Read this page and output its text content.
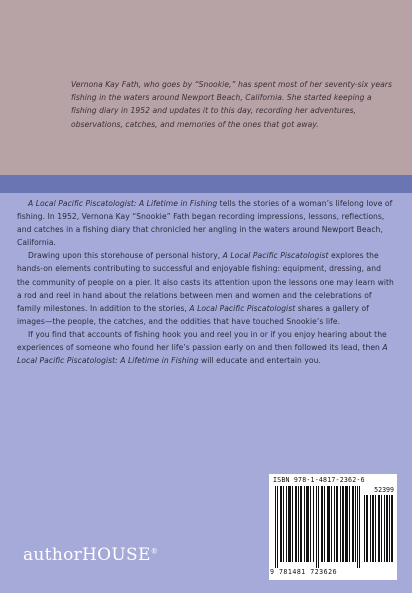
Vernona Kay Fath, who goes by “Snookie,” has spent most of her seventy-six years fishing in the waters around Newport Beach, California. She started keeping a fishing diary in 1952 and updates it to this day, recording her adventures, observations, catches, and memories of the ones that got away.

A Local Pacific Piscatologist: A Lifetime in Fishing tells the stories of a woman’s lifelong love of fishing. In 1952, Vernona Kay “Snookie” Fath began recording impressions, lessons, reflections, and catches in a fishing diary that chronicled her angling in the waters around Newport Beach, California.

Drawing upon this storehouse of personal history, A Local Pacific Piscatologist explores the hands-on elements contributing to successful and enjoyable fishing: equipment, dressing, and the community of people on a pier. It also casts its attention upon the lessons one may learn with a rod and reel in hand about the relations between men and women and the celebrations of family milestones. In addition to the stories, A Local Pacific Piscatologist shares a gallery of images—the people, the catches, and the oddities that have touched Snookie’s life.

If you find that accounts of fishing hook you and reel you in or if you enjoy hearing about the experiences of someone who found her life’s passion early on and then followed its lead, then A Local Pacific Piscatologist: A Lifetime in Fishing will educate and entertain you.

ISBN 978-1-4817-2362-6
52399
9 781481 723626
authorHOUSE®
